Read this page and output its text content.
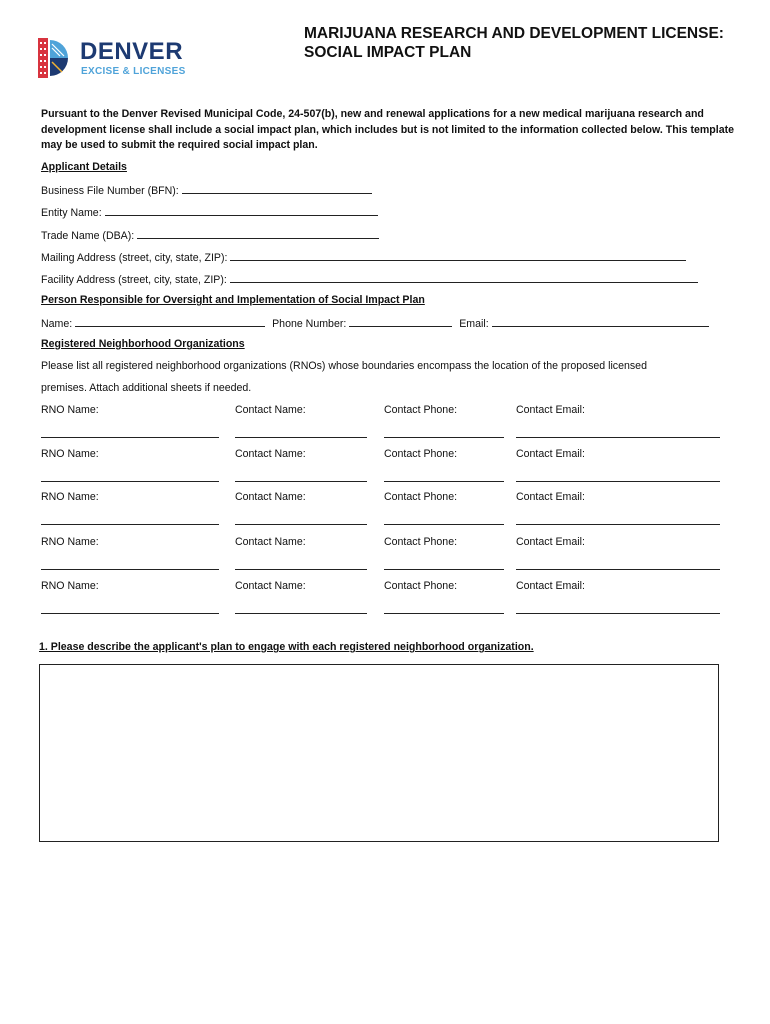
DENVER
EXCISE & LICENSES
MARIJUANA RESEARCH AND DEVELOPMENT LICENSE:
SOCIAL IMPACT PLAN
Pursuant to the Denver Revised Municipal Code, 24-507(b), new and renewal applications for a new medical marijuana research and development license shall include a social impact plan, which includes but is not limited to the information collected below. This template may be used to submit the required social impact plan.
Applicant Details
Business File Number (BFN):
Entity Name:
Trade Name (DBA):
Mailing Address (street, city, state, ZIP):
Facility Address (street, city, state, ZIP):
Person Responsible for Oversight and Implementation of Social Impact Plan
Name:	Phone Number:	Email:
Registered Neighborhood Organizations
Please list all registered neighborhood organizations (RNOs) whose boundaries encompass the location of the proposed licensed
premises. Attach additional sheets if needed.
RNO Name:	Contact Name:	Contact Phone:	Contact Email:
RNO Name:	Contact Name:	Contact Phone:	Contact Email:
RNO Name:	Contact Name:	Contact Phone:	Contact Email:
RNO Name:	Contact Name:	Contact Phone:	Contact Email:
RNO Name:	Contact Name:	Contact Phone:	Contact Email:
1. Please describe the applicant's plan to engage with each registered neighborhood organization.
